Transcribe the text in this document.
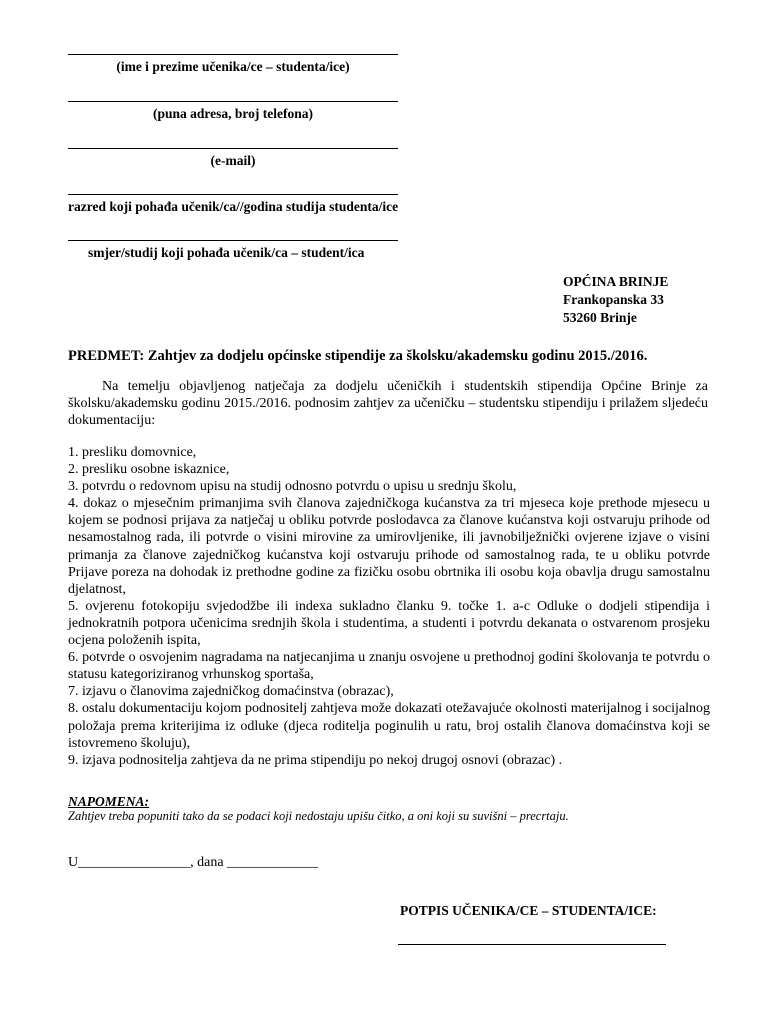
(ime i prezime učenika/ce – studenta/ice)
(puna adresa, broj telefona)
(e-mail)
razred koji pohađa učenik/ca//godina studija studenta/ice
smjer/studij koji pohađa učenik/ca – student/ica
OPĆINA BRINJE
Frankopanska 33
53260 Brinje
PREDMET: Zahtjev za dodjelu općinske stipendije za školsku/akademsku godinu 2015./2016.
Na temelju objavljenog natječaja za dodjelu učeničkih i studentskih stipendija Općine Brinje za školsku/akademsku godinu 2015./2016. podnosim zahtjev za učeničku – studentsku stipendiju i prilažem sljedeću dokumentaciju:
1. presliku domovnice,
2. presliku osobne iskaznice,
3. potvrdu o redovnom upisu na studij odnosno potvrdu o upisu u srednju školu,
4. dokaz o mjesečnim primanjima svih članova zajedničkoga kućanstva za tri mjeseca koje prethode mjesecu u kojem se podnosi prijava za natječaj u obliku potvrde poslodavca za članove kućanstva koji ostvaruju prihode od nesamostalnog rada, ili potvrde o visini mirovine za umirovljenike, ili javnobilježnički ovjerene izjave o visini primanja za članove zajedničkog kućanstva koji ostvaruju prihode od samostalnog rada, te u obliku potvrde Prijave poreza na dohodak iz prethodne godine za fizičku osobu obrtnika ili osobu koja obavlja drugu samostalnu djelatnost,
5. ovjerenu fotokopiju svjedodžbe ili indexa sukladno članku 9. točke 1. a-c Odluke o dodjeli stipendija i jednokratnih potpora učenicima srednjih škola i studentima, a studenti i potvrdu dekanata o ostvarenom prosjeku ocjena položenih ispita,
6. potvrde o osvojenim nagradama na natjecanjima u znanju osvojene u prethodnoj godini školovanja te potvrdu o statusu kategoriziranog vrhunskog sportaša,
7. izjavu o članovima zajedničkog domaćinstva (obrazac),
8. ostalu dokumentaciju kojom podnositelj zahtjeva može dokazati otežavajuće okolnosti materijalnog i socijalnog položaja prema kriterijima iz odluke (djeca roditelja poginulih u ratu, broj ostalih članova domaćinstva koji se istovremeno školuju),
9. izjava podnositelja zahtjeva da ne prima stipendiju po nekoj drugoj osnovi (obrazac) .
NAPOMENA:
Zahtjev treba popuniti tako da se podaci koji nedostaju upišu čitko, a oni koji su suvišni – precrtaju.
U________________, dana _____________
POTPIS UČENIKA/CE – STUDENTA/ICE:
